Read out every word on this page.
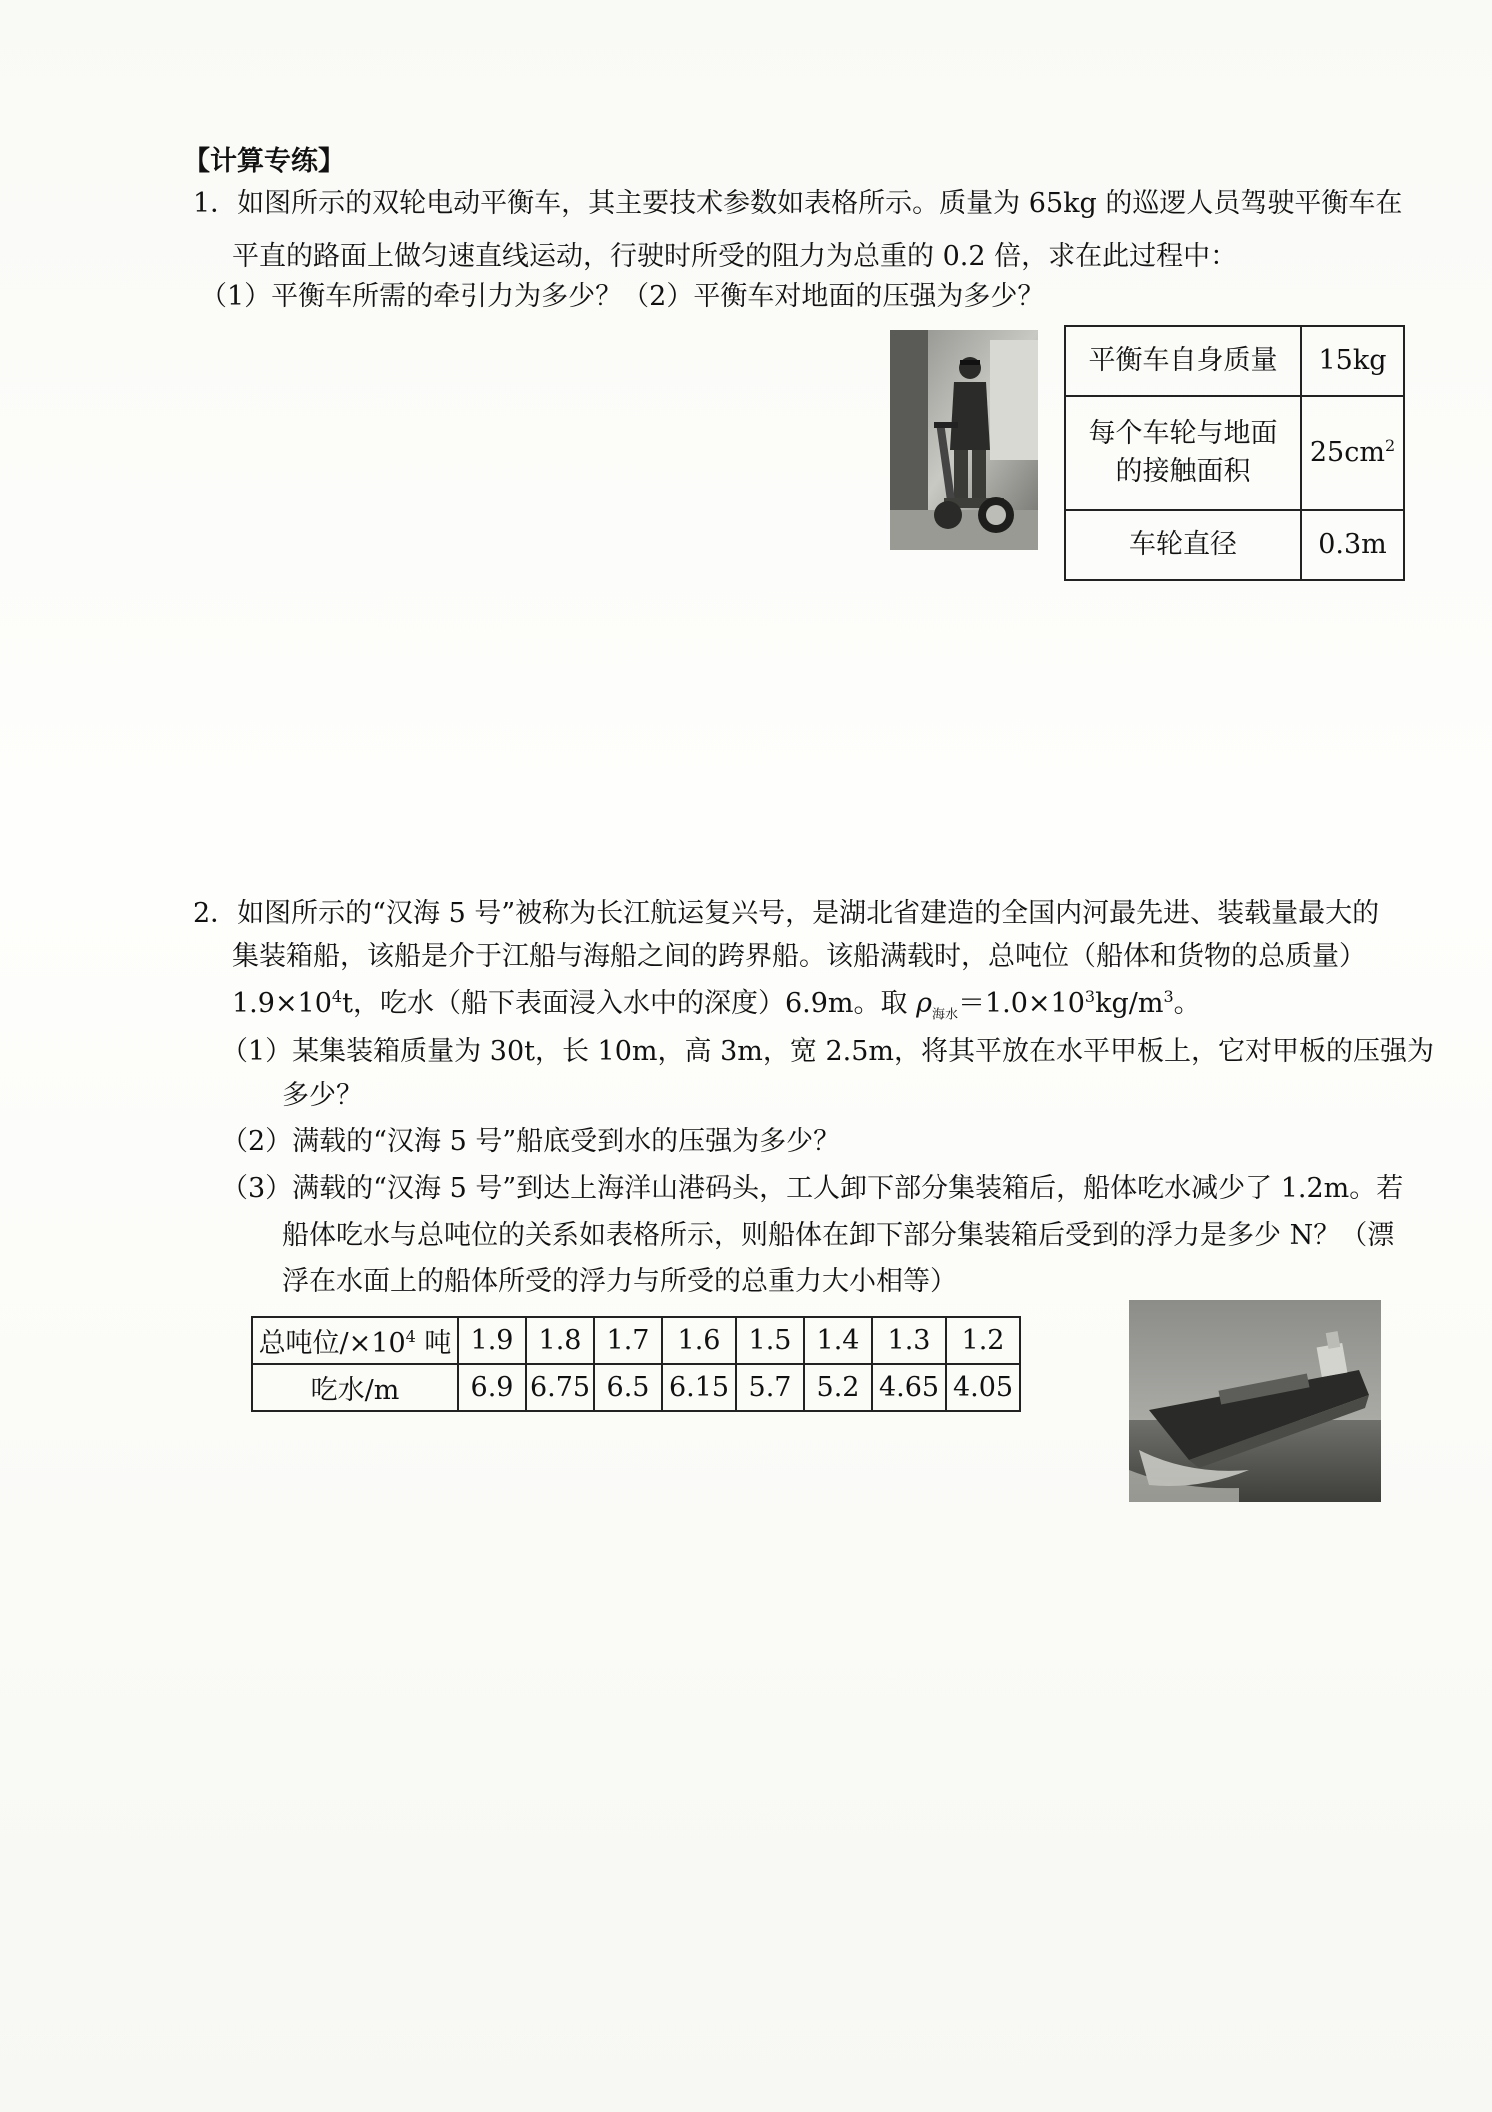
【计算专练】
1．如图所示的双轮电动平衡车，其主要技术参数如表格所示。质量为 65kg 的巡逻人员驾驶平衡车在
平直的路面上做匀速直线运动，行驶时所受的阻力为总重的 0.2 倍，求在此过程中：
（1）平衡车所需的牵引力为多少？（2）平衡车对地面的压强为多少？
平衡车自身质量	15kg

每个车轮与地面
的接触面积	$25cm^2$
车轮直径	0.3m
2．如图所示的“汉海 5 号”被称为长江航运复兴号，是湖北省建造的全国内河最先进、装载量最大的
集装箱船，该船是介于江船与海船之间的跨界船。该船满载时，总吨位（船体和货物的总质量）
$1.9\times 10^4t$，吃水（船下表面浸入水中的深度）6.9m。取 $\rho_{海水}=1.0\times 10^3kg/m^3$。
（1）某集装箱质量为 30t，长 10m，高 3m，宽 2.5m，将其平放在水平甲板上，它对甲板的压强为
多少？
（2）满载的“汉海 5 号”船底受到水的压强为多少？
（3）满载的“汉海 5 号”到达上海洋山港码头，工人卸下部分集装箱后，船体吃水减少了 1.2m。若
船体吃水与总吨位的关系如表格所示，则船体在卸下部分集装箱后受到的浮力是多少 N？（漂
浮在水面上的船体所受的浮力与所受的总重力大小相等）
总吨位$/\times 10^4$ 吨	1.9	1.8	1.7	1.6	1.5	1.4	1.3	1.2
吃水/m	6.9	6.75	6.5	6.15	5.7	5.2	4.65	4.05
